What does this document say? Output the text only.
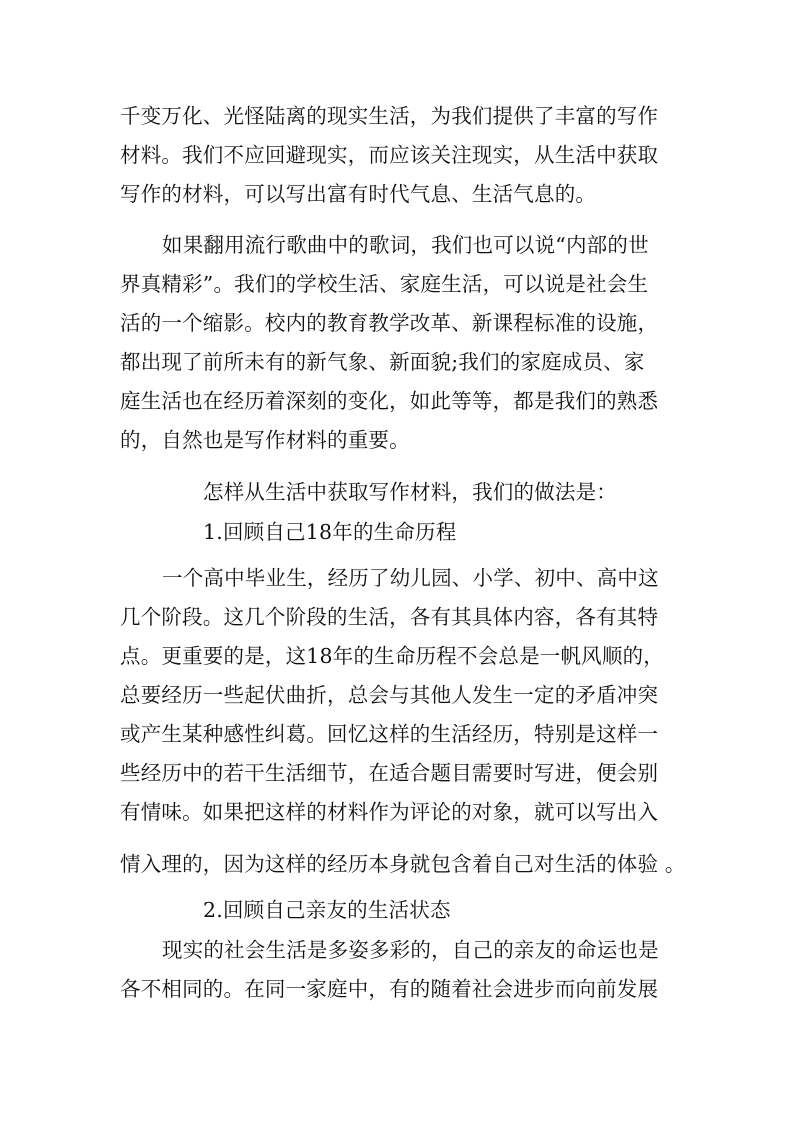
千变万化、光怪陆离的现实生活，为我们提供了丰富的写作
材料。我们不应回避现实，而应该关注现实，从生活中获取
写作的材料，可以写出富有时代气息、生活气息的。
如果翻用流行歌曲中的歌词，我们也可以说“内部的世
界真精彩”。我们的学校生活、家庭生活，可以说是社会生
活的一个缩影。校内的教育教学改革、新课程标准的设施，
都出现了前所未有的新气象、新面貌;我们的家庭成员、家
庭生活也在经历着深刻的变化，如此等等，都是我们的熟悉
的，自然也是写作材料的重要。
怎样从生活中获取写作材料，我们的做法是：
1.回顾自己18年的生命历程
一个高中毕业生，经历了幼儿园、小学、初中、高中这
几个阶段。这几个阶段的生活，各有其具体内容，各有其特
点。更重要的是，这18年的生命历程不会总是一帆风顺的，
总要经历一些起伏曲折，总会与其他人发生一定的矛盾冲突
或产生某种感性纠葛。回忆这样的生活经历，特别是这样一
些经历中的若干生活细节，在适合题目需要时写进，便会别
有情味。如果把这样的材料作为评论的对象，就可以写出入
情入理的，因为这样的经历本身就包含着自己对生活的体验 。
2.回顾自己亲友的生活状态
现实的社会生活是多姿多彩的，自己的亲友的命运也是
各不相同的。在同一家庭中，有的随着社会进步而向前发展
